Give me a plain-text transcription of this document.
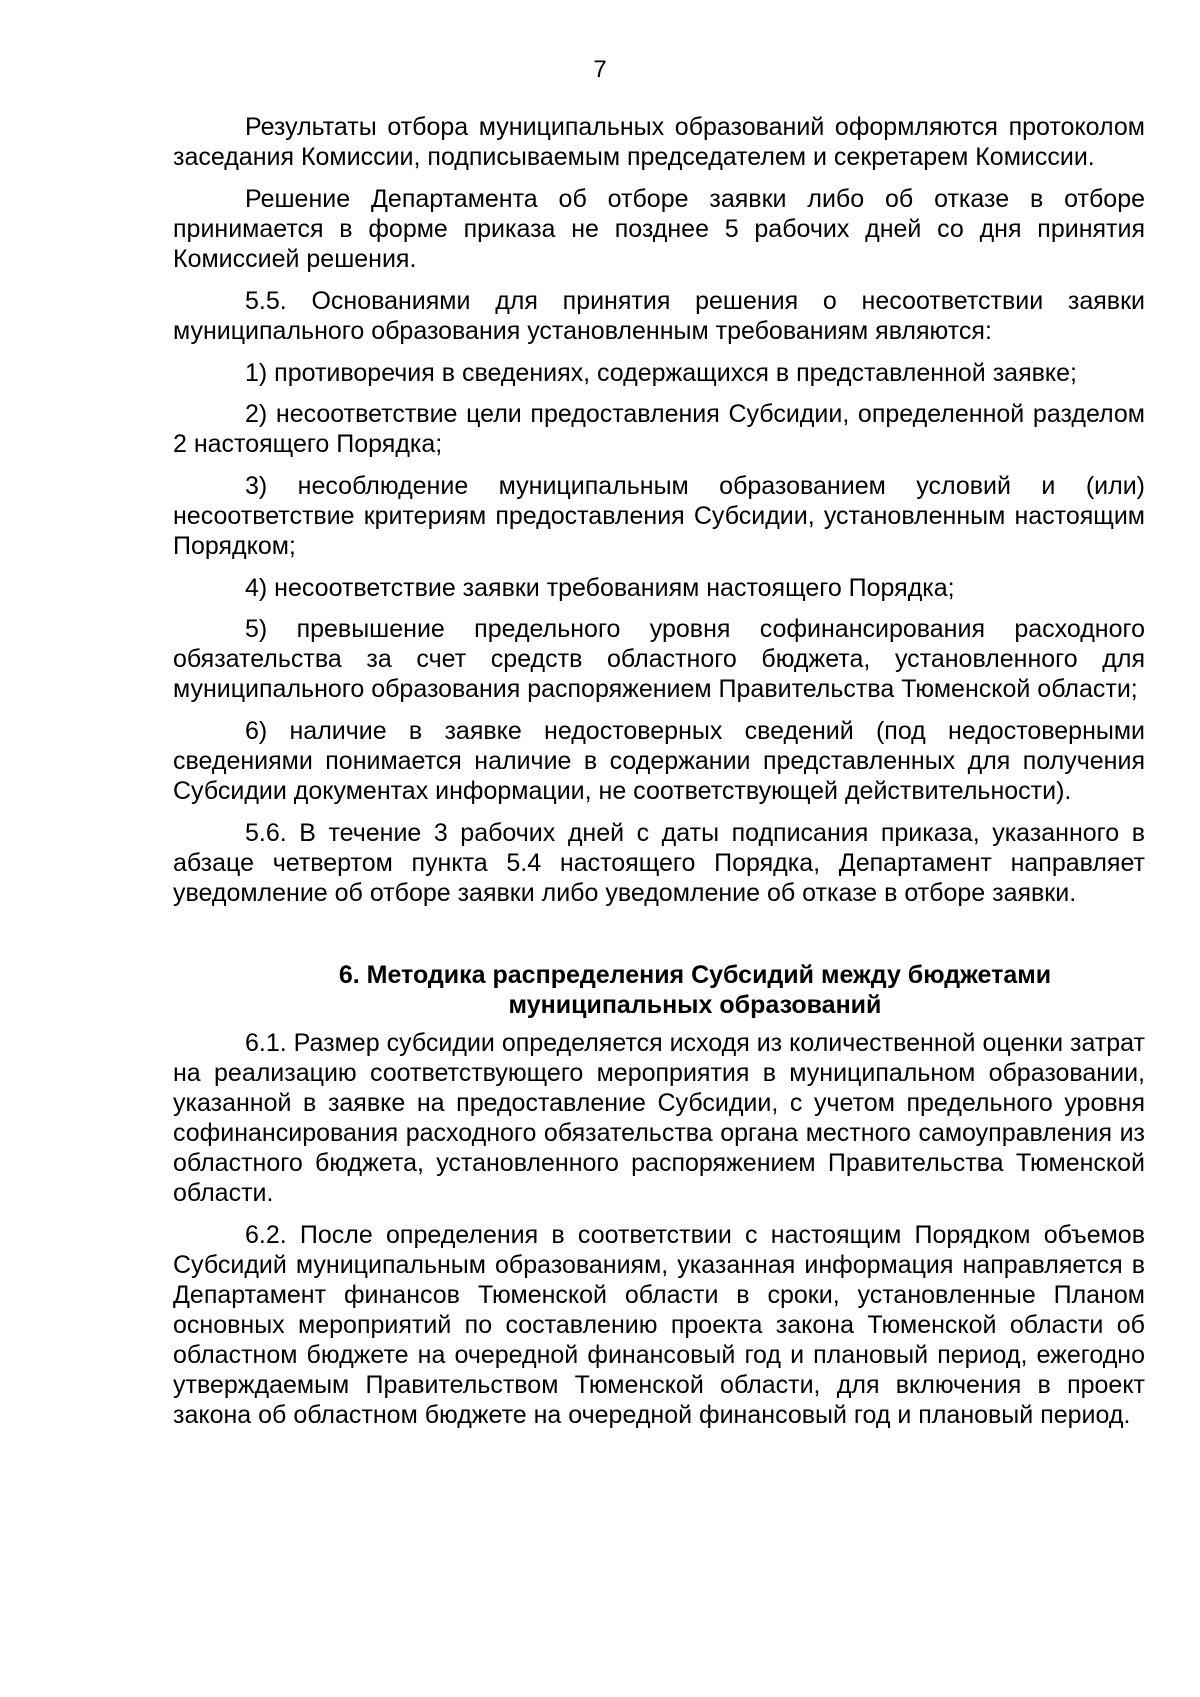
7

Результаты отбора муниципальных образований оформляются протоколом заседания Комиссии, подписываемым председателем и секретарем Комиссии.

Решение Департамента об отборе заявки либо об отказе в отборе принимается в форме приказа не позднее 5 рабочих дней со дня принятия Комиссией решения.

5.5. Основаниями для принятия решения о несоответствии заявки муниципального образования установленным требованиям являются:

1) противоречия в сведениях, содержащихся в представленной заявке;

2) несоответствие цели предоставления Субсидии, определенной разделом 2 настоящего Порядка;

3) несоблюдение муниципальным образованием условий и (или) несоответствие критериям предоставления Субсидии, установленным настоящим Порядком;

4) несоответствие заявки требованиям настоящего Порядка;

5) превышение предельного уровня софинансирования расходного обязательства за счет средств областного бюджета, установленного для муниципального образования распоряжением Правительства Тюменской области;

6) наличие в заявке недостоверных сведений (под недостоверными сведениями понимается наличие в содержании представленных для получения Субсидии документах информации, не соответствующей действительности).

5.6. В течение 3 рабочих дней с даты подписания приказа, указанного в абзаце четвертом пункта 5.4 настоящего Порядка, Департамент направляет уведомление об отборе заявки либо уведомление об отказе в отборе заявки.

6. Методика распределения Субсидий между бюджетами
муниципальных образований

6.1. Размер субсидии определяется исходя из количественной оценки затрат на реализацию соответствующего мероприятия в муниципальном образовании, указанной в заявке на предоставление Субсидии, с учетом предельного уровня софинансирования расходного обязательства органа местного самоуправления из областного бюджета, установленного распоряжением Правительства Тюменской области.

6.2. После определения в соответствии с настоящим Порядком объемов Субсидий муниципальным образованиям, указанная информация направляется в Департамент финансов Тюменской области в сроки, установленные Планом основных мероприятий по составлению проекта закона Тюменской области об областном бюджете на очередной финансовый год и плановый период, ежегодно утверждаемым Правительством Тюменской области, для включения в проект закона об областном бюджете на очередной финансовый год и плановый период.
